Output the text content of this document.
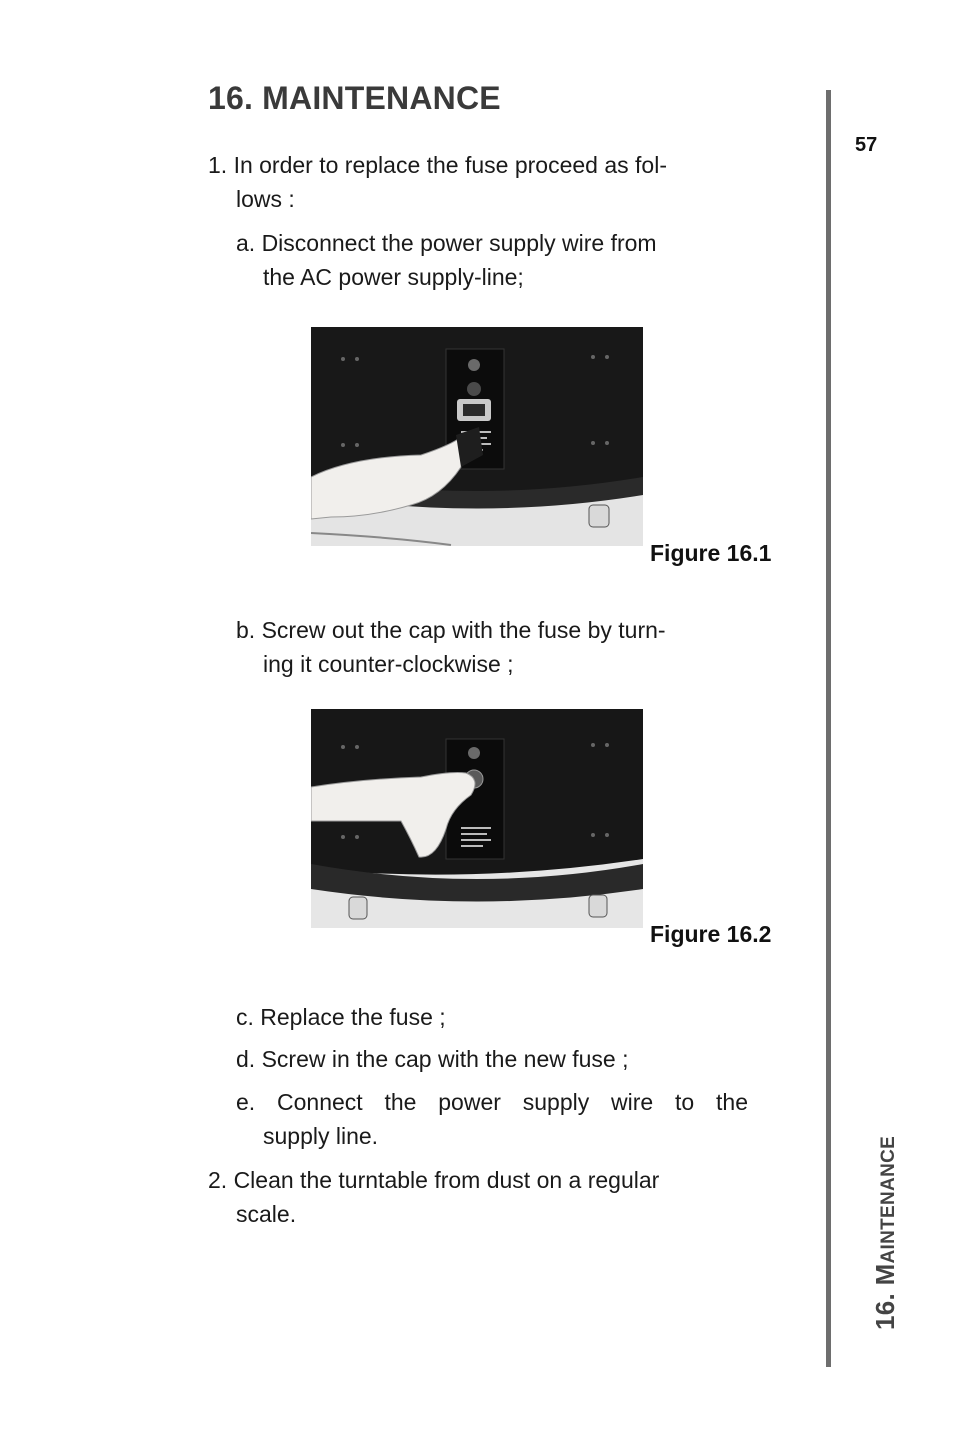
16. MAINTENANCE
57
16. MAINTENANCE
1. In order to replace the fuse proceed as fol-
lows :
a. Disconnect the power supply wire from
the AC power supply-line;
Figure 16.1
b. Screw out the cap with the fuse by turn-
ing it counter-clockwise ;
Figure 16.2
c. Replace the fuse ;
d. Screw in the cap with the new fuse ;
e. Connect the power supply wire to the
supply line.
2. Clean the turntable from dust on a regular
scale.
